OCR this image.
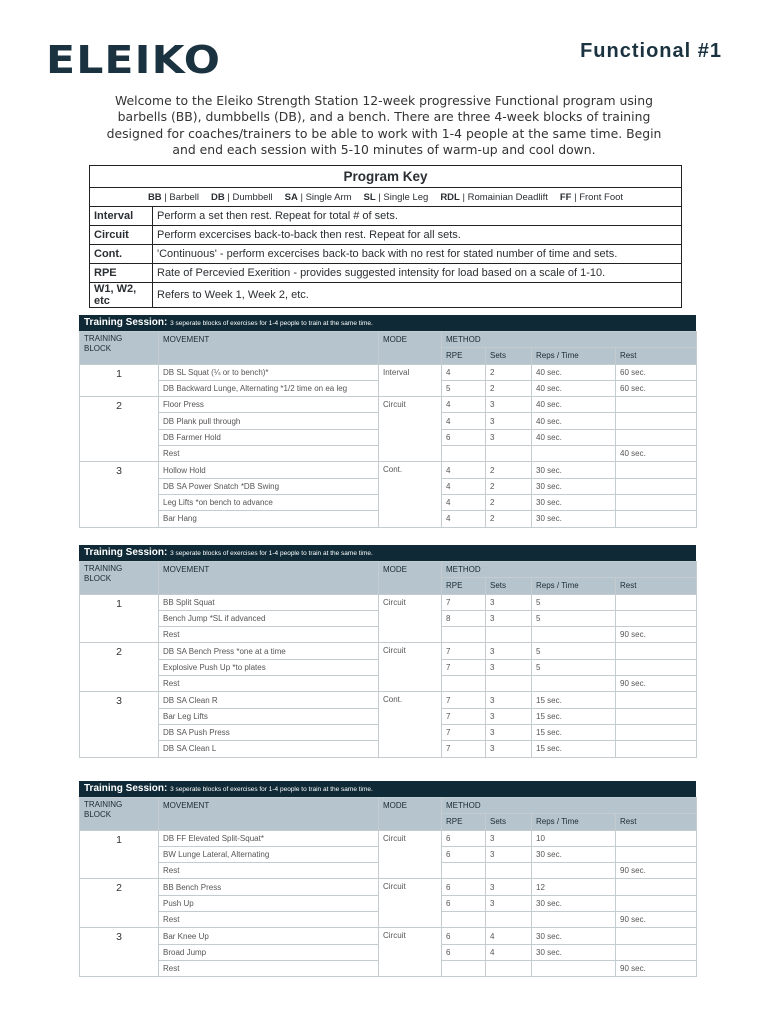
ELEIKO	Functional #1

Welcome to the Eleiko Strength Station 12-week progressive Functional program using barbells (BB), dumbbells (DB), and a bench. There are three 4-week blocks of training designed for coaches/trainers to be able to work with 1-4 people at the same time. Begin and end each session with 5-10 minutes of warm-up and cool down.

Program Key	
BB | Barbell DB | Dumbbell SA | Single Arm SL | Single Leg RDL | Romainian Deadlift FF | Front Foot	
Interval	Perform a set then rest. Repeat for total # of sets.
Circuit	Perform excercises back-to-back then rest. Repeat for all sets.
Cont.	'Continuous' - perform excercises back-to back with no rest for stated number of time and sets.
RPE	Rate of Percevied Exerition - provides suggested intensity for load based on a scale of 1-10.
W1, W2, etc	Refers to Week 1, Week 2, etc.
Training Session: 3 seperate blocks of exercises for 1-4 people to train at the same time.
TRAINING
BLOCK	MOVEMENT	MODE	METHOD			
			RPE	Sets	Reps / Time	Rest
1	DB SL Squat (¼ or to bench)*	Interval	4	2	40 sec.	60 sec.
	DB Backward Lunge, Alternating *1/2 time on ea leg		5	2	40 sec.	60 sec.
2	Floor Press	Circuit	4	3	40 sec.	
	DB Plank pull through		4	3	40 sec.	
	DB Farmer Hold		6	3	40 sec.	
	Rest					40 sec.
3	Hollow Hold	Cont.	4	2	30 sec.	
	DB SA Power Snatch *DB Swing		4	2	30 sec.	
	Leg Lifts *on bench to advance		4	2	30 sec.	
	Bar Hang		4	2	30 sec.	
Training Session: 3 seperate blocks of exercises for 1-4 people to train at the same time.
TRAINING
BLOCK	MOVEMENT	MODE	METHOD			
			RPE	Sets	Reps / Time	Rest
1	BB Split Squat	Circuit	7	3	5	
	Bench Jump *SL if advanced		8	3	5	
	Rest					90 sec.
2	DB SA Bench Press *one at a time	Circuit	7	3	5	
	Explosive Push Up *to plates		7	3	5	
	Rest					90 sec.
3	DB SA Clean R	Cont.	7	3	15 sec.	
	Bar Leg Lifts		7	3	15 sec.	
	DB SA Push Press		7	3	15 sec.	
	DB SA Clean L		7	3	15 sec.	
Training Session: 3 seperate blocks of exercises for 1-4 people to train at the same time.
TRAINING
BLOCK	MOVEMENT	MODE	METHOD			
			RPE	Sets	Reps / Time	Rest
1	DB FF Elevated Split-Squat*	Circuit	6	3	10	
	BW Lunge Lateral, Alternating		6	3	30 sec.	
	Rest					90 sec.
2	BB Bench Press	Circuit	6	3	12	
	Push Up		6	3	30 sec.	
	Rest					90 sec.
3	Bar Knee Up	Circuit	6	4	30 sec.	
	Broad Jump		6	4	30 sec.	
	Rest					90 sec.
